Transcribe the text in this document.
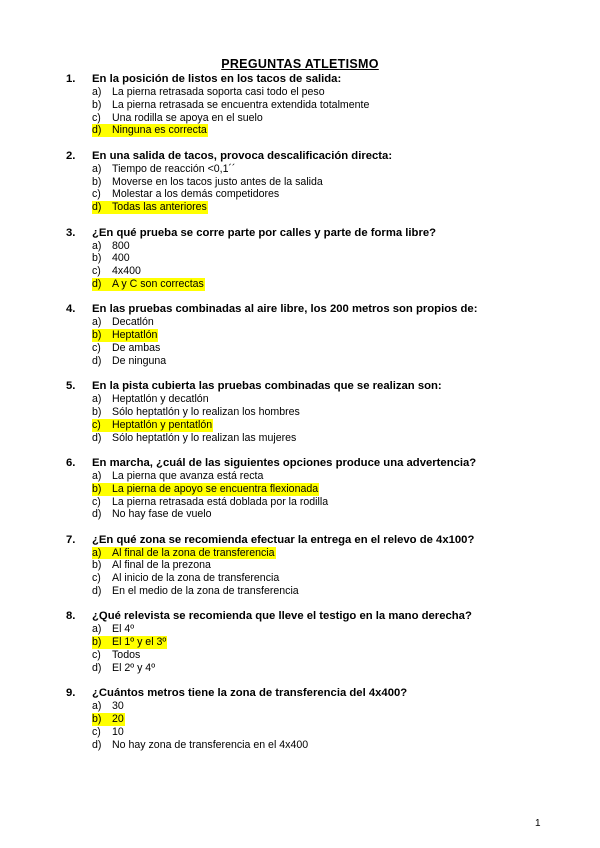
PREGUNTAS ATLETISMO
1.	En la posición de listos en los tacos de salida:
a) La pierna retrasada soporta casi todo el peso
b) La pierna retrasada se encuentra extendida totalmente
c)	Una rodilla se apoya en el suelo
d) Ninguna es correcta
2.	En una salida de tacos, provoca descalificación directa:
a) Tiempo de reacción <0,1´´
b) Moverse en los tacos justo antes de la salida
c)	Molestar a los demás competidores
d) Todas las anteriores
3.	¿En qué prueba se corre parte por calles y parte de forma libre?
a) 800
b) 400
c)	4x400
d) A y C son correctas
4.	En las pruebas combinadas al aire libre, los 200 metros son propios de:
a) Decatlón
b) Heptatlón
c)	De ambas
d) De ninguna
5.	En la pista cubierta las pruebas combinadas que se realizan son:
a) Heptatlón y decatlón
b) Sólo heptatlón y lo realizan los hombres
c)	Heptatlón y pentatlón
d) Sólo heptatlón y lo realizan las mujeres
6.	En marcha, ¿cuál de las siguientes opciones produce una advertencia?
a) La pierna que avanza está recta
b) La pierna de apoyo se encuentra flexionada
c)	La pierna retrasada está doblada por la rodilla
d) No hay fase de vuelo
7.	¿En qué zona se recomienda efectuar la entrega en el relevo de 4x100?
a) Al final de la zona de transferencia
b) Al final de la prezona
c)	Al inicio de la zona de transferencia
d) En el medio de la zona de transferencia
8.	¿Qué relevista se recomienda que lleve el testigo en la mano derecha?
a) El 4º
b) El 1º y el 3º
c)	Todos
d) El 2º y 4º
9.	¿Cuántos metros tiene la zona de transferencia del 4x400?
a) 30
b) 20
c)	10
d) No hay zona de transferencia en el 4x400
1
